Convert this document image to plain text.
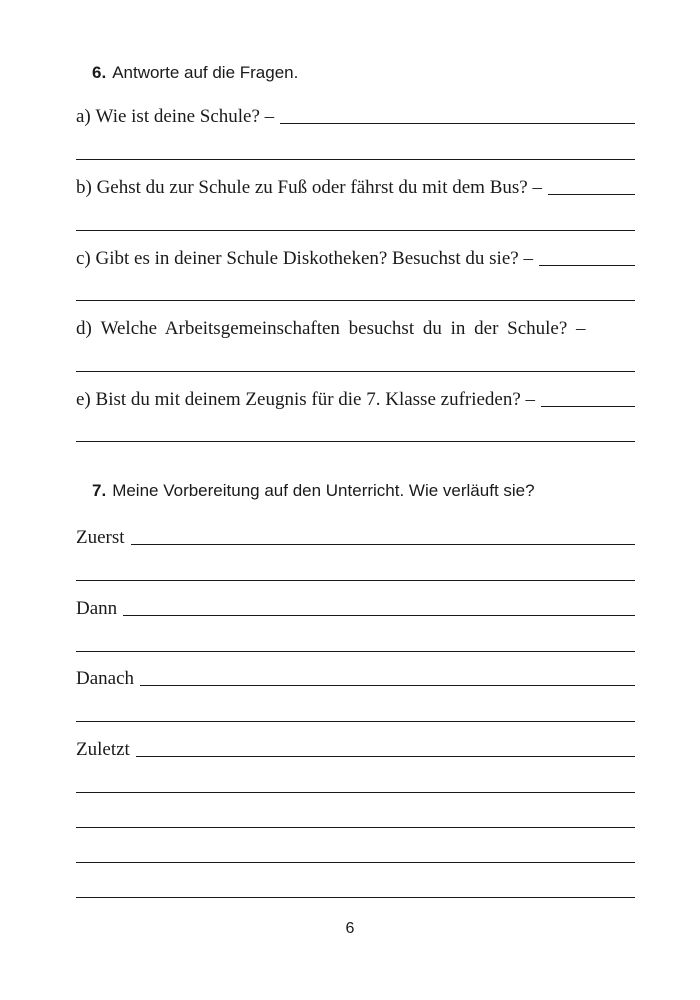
6. Antworte auf die Fragen.
a)
Wie ist deine Schule? –
b)
Gehst du zur Schule zu Fuß oder fährst du mit dem Bus? –
c)
Gibt es in deiner Schule Diskotheken? Besuchst du sie? –
d)
Welche Arbeitsgemeinschaften besuchst du in der Schule? –
e)
Bist du mit deinem Zeugnis für die 7. Klasse zufrieden? –
7. Meine Vorbereitung auf den Unterricht. Wie verläuft sie?
Zuerst
Dann
Danach
Zuletzt
6
